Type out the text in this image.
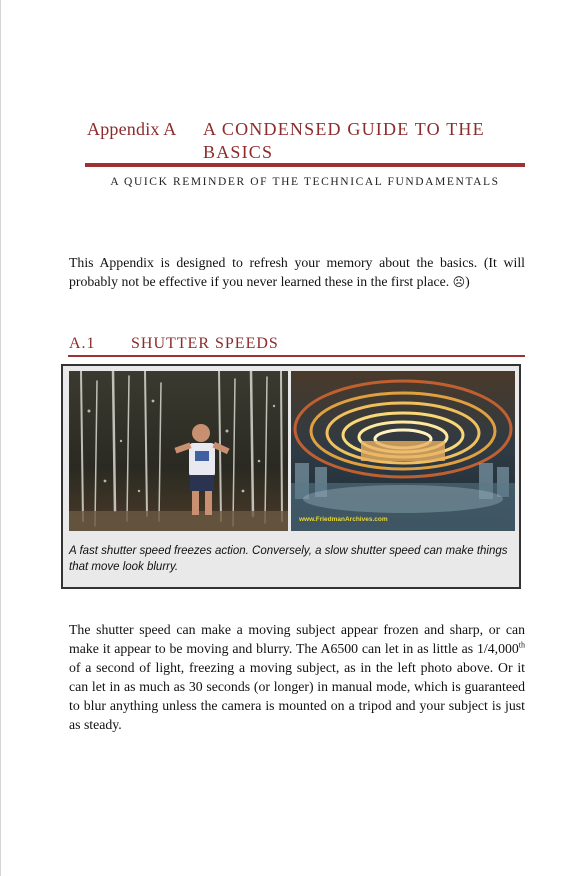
Appendix A A CONDENSED GUIDE TO THE
BASICS
A QUICK REMINDER OF THE TECHNICAL FUNDAMENTALS
This Appendix is designed to refresh your memory about the basics. (It will probably not be effective if you never learned these in the first place. ☹)
A.1 SHUTTER SPEEDS
www.FriedmanArchives.com
A fast shutter speed freezes action. Conversely, a slow shutter speed can make things that move look blurry.
The shutter speed can make a moving subject appear frozen and sharp, or can make it appear to be moving and blurry. The A6500 can let in as little as 1/4,000th of a second of light, freezing a moving subject, as in the left photo above. Or it can let in as much as 30 seconds (or longer) in manual mode, which is guaranteed to blur anything unless the camera is mounted on a tripod and your subject is just as steady.
